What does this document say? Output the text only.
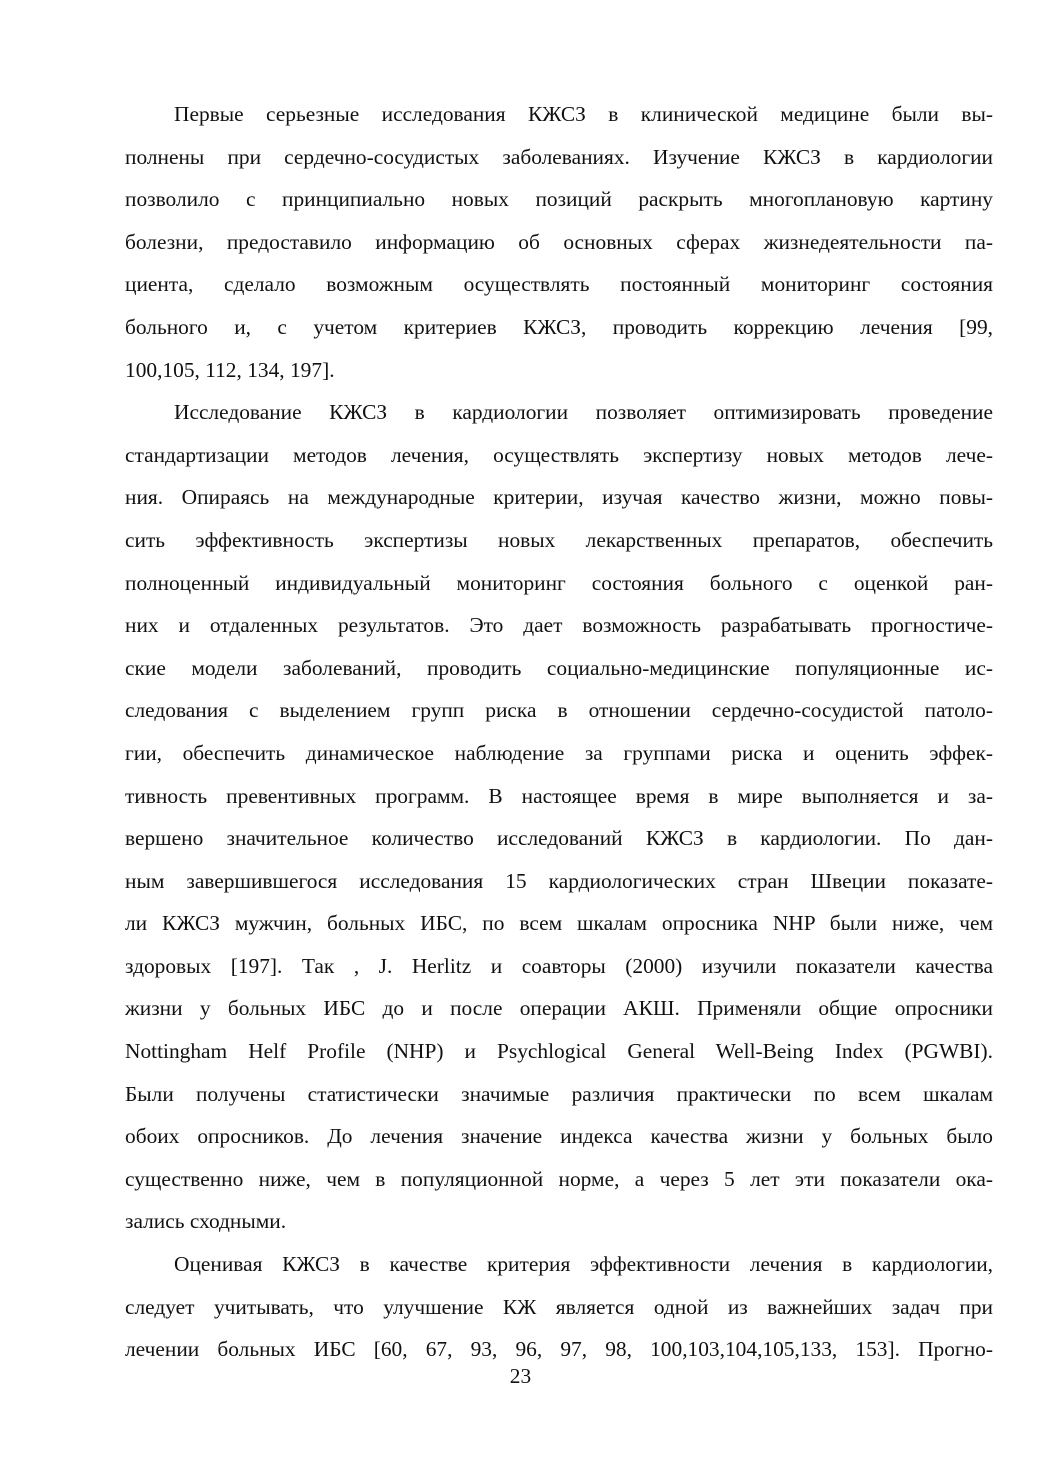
Первые серьезные исследования КЖСЗ в клинической медицине были вы-
полнены при сердечно-сосудистых заболеваниях. Изучение КЖСЗ в кардиологии
позволило с принципиально новых позиций раскрыть многоплановую картину
болезни, предоставило информацию об основных сферах жизнедеятельности па-
циента, сделало возможным осуществлять постоянный мониторинг состояния
больного и, с учетом критериев КЖСЗ, проводить коррекцию лечения [99,
100,105, 112, 134, 197].
Исследование КЖСЗ в кардиологии позволяет оптимизировать проведение
стандартизации методов лечения, осуществлять экспертизу новых методов лече-
ния. Опираясь на международные критерии, изучая качество жизни, можно повы-
сить эффективность экспертизы новых лекарственных препаратов, обеспечить
полноценный индивидуальный мониторинг состояния больного с оценкой ран-
них и отдаленных результатов. Это дает возможность разрабатывать прогностиче-
ские модели заболеваний, проводить социально-медицинские популяционные ис-
следования с выделением групп риска в отношении сердечно-сосудистой патоло-
гии, обеспечить динамическое наблюдение за группами риска и оценить эффек-
тивность превентивных программ. В настоящее время в мире выполняется и за-
вершено значительное количество исследований КЖСЗ в кардиологии. По дан-
ным завершившегося исследования 15 кардиологических стран Швеции показате-
ли КЖСЗ мужчин, больных ИБС, по всем шкалам опросника NHP были ниже, чем
здоровых [197]. Так , J. Herlitz и соавторы (2000) изучили показатели качества
жизни у больных ИБС до и после операции АКШ. Применяли общие опросники
Nottingham Helf Profile (NHP) и Psychlogical General Well-Being Index (PGWBI).
Были получены статистически значимые различия практически по всем шкалам
обоих опросников. До лечения значение индекса качества жизни у больных было
существенно ниже, чем в популяционной норме, а через 5 лет эти показатели ока-
зались сходными.
Оценивая КЖСЗ в качестве критерия эффективности лечения в кардиологии,
следует учитывать, что улучшение КЖ является одной из важнейших задач при
лечении больных ИБС [60, 67, 93, 96, 97, 98, 100,103,104,105,133, 153]. Прогно-
23
